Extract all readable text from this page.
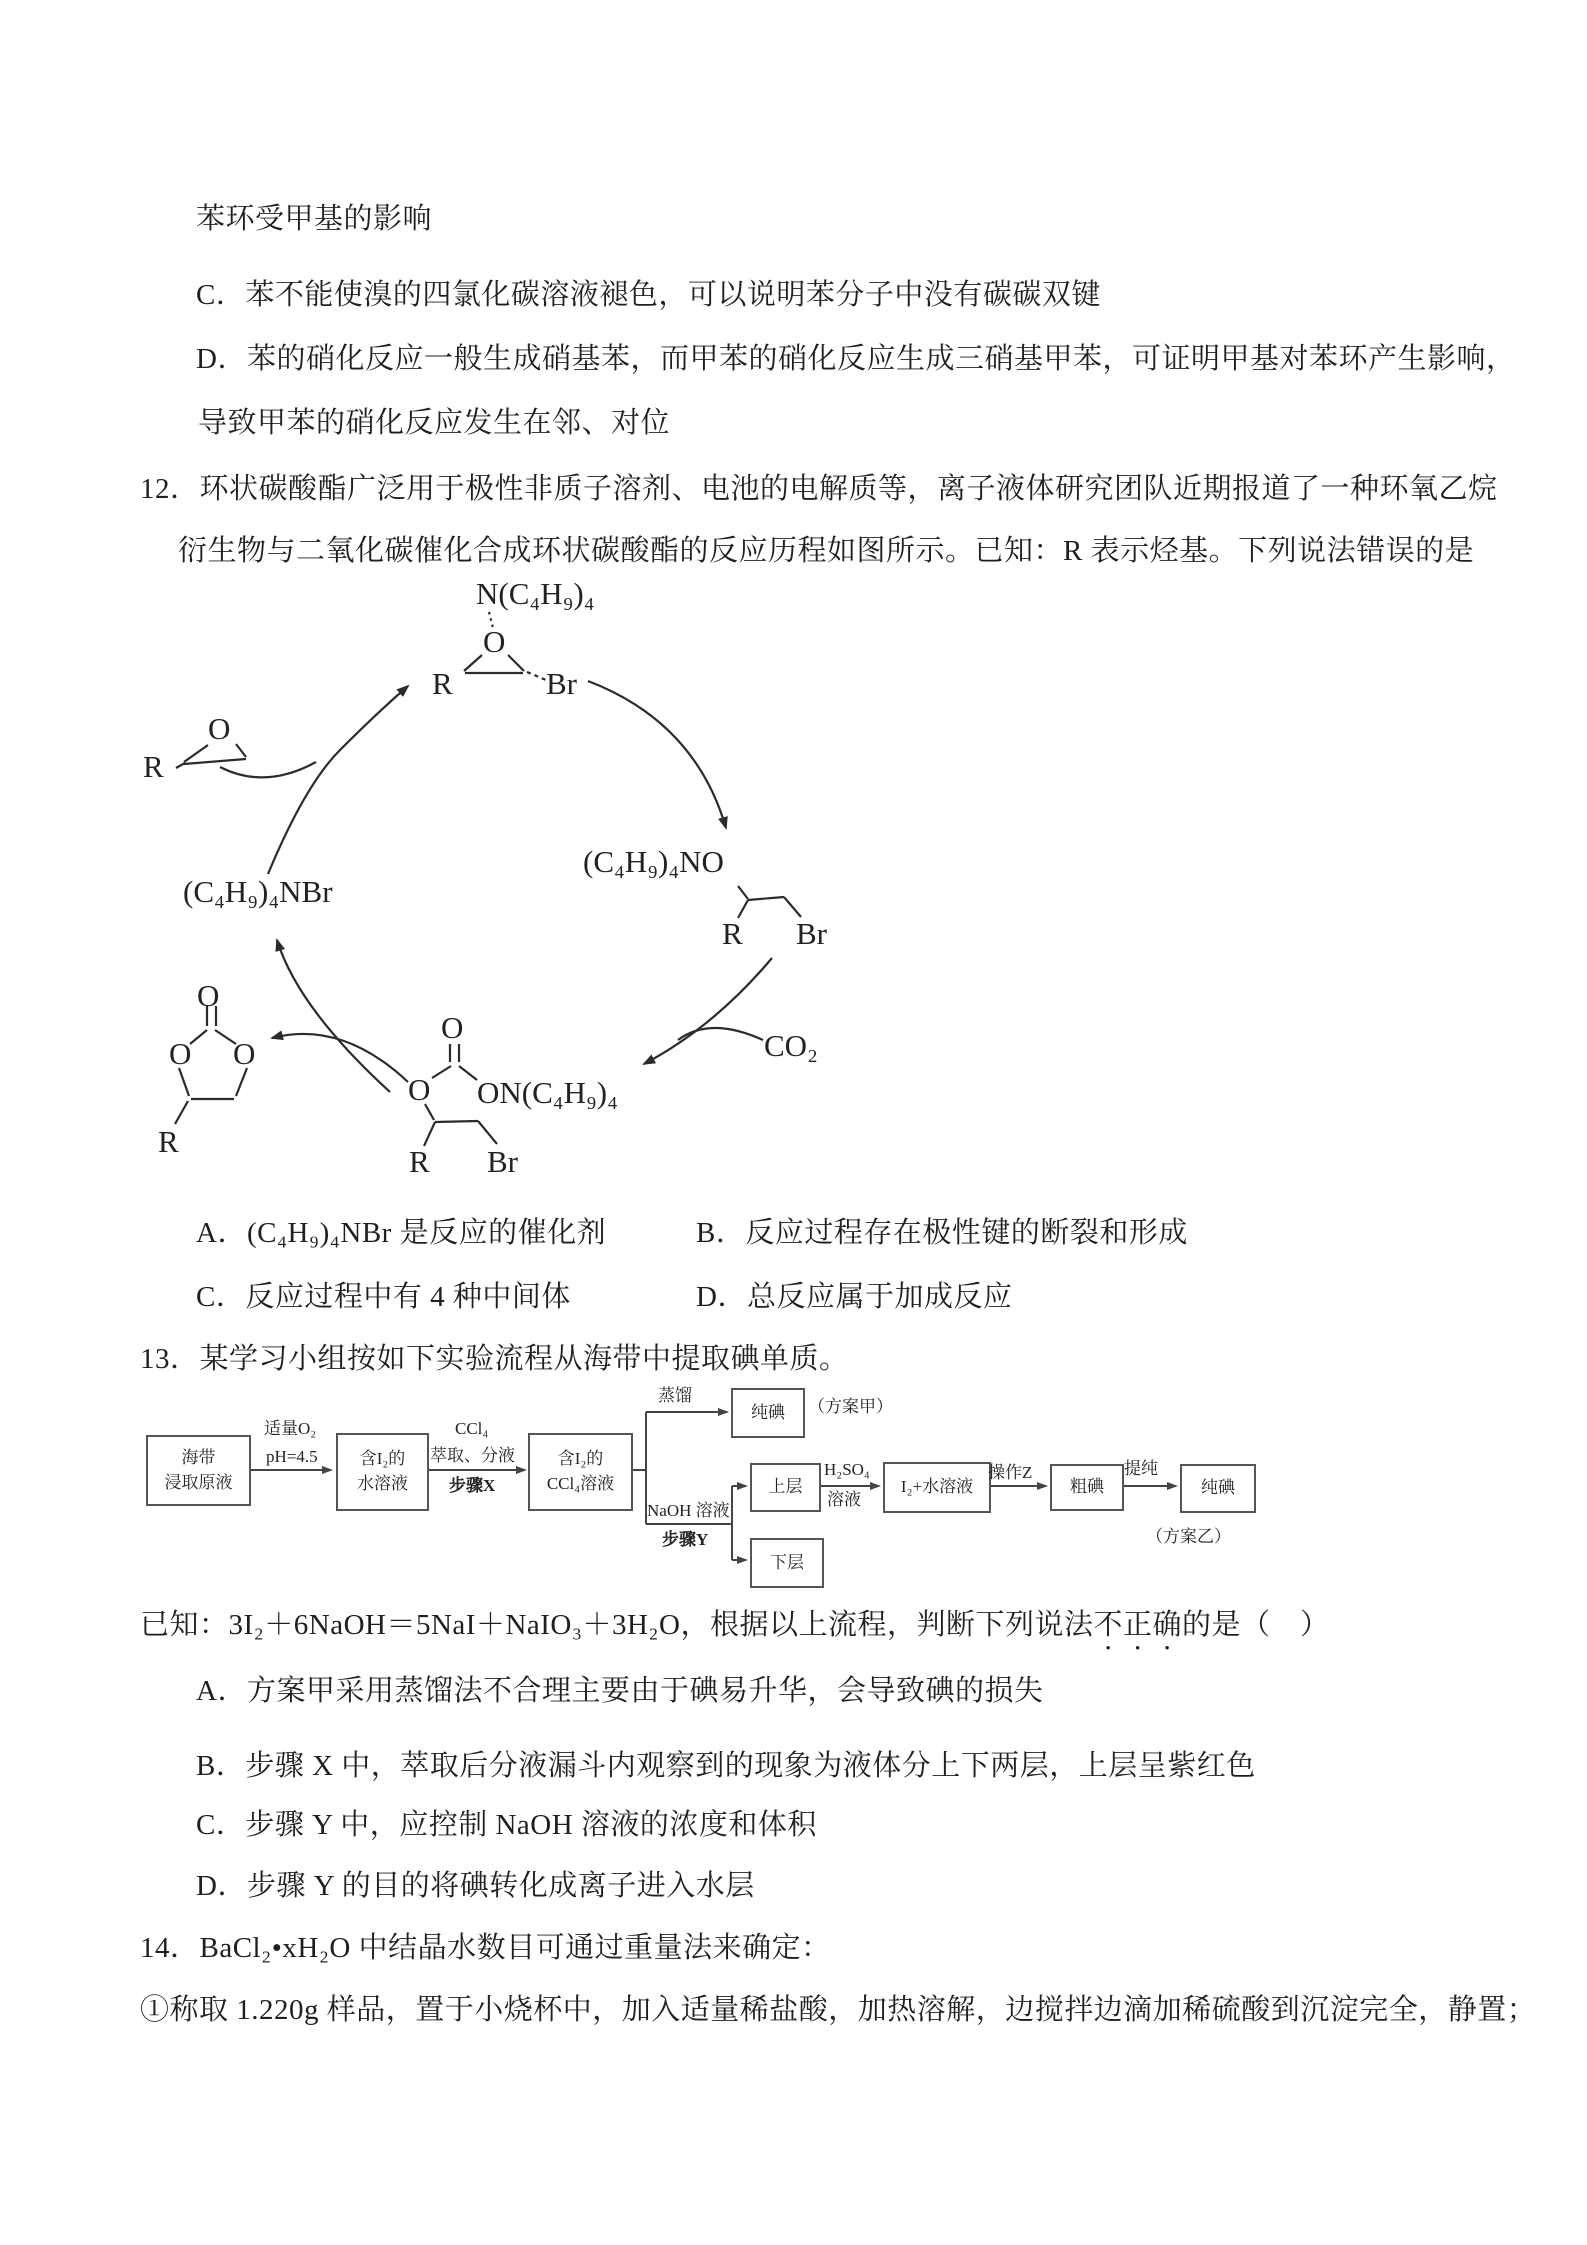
苯环受甲基的影响
C．苯不能使溴的四氯化碳溶液褪色，可以说明苯分子中没有碳碳双键
D．苯的硝化反应一般生成硝基苯，而甲苯的硝化反应生成三硝基甲苯，可证明甲基对苯环产生影响，
导致甲苯的硝化反应发生在邻、对位
12．环状碳酸酯广泛用于极性非质子溶剂、电池的电解质等，离子液体研究团队近期报道了一种环氧乙烷
衍生物与二氧化碳催化合成环状碳酸酯的反应历程如图所示。已知：R 表示烃基。下列说法错误的是
A．(C₄H₉)₄NBr 是反应的催化剂	B．反应过程存在极性键的断裂和形成
C．反应过程中有 4 种中间体	D．总反应属于加成反应
13．某学习小组按如下实验流程从海带中提取碘单质。
已知：3I₂＋6NaOH＝5NaI＋NaIO₃＋3H₂O，根据以上流程，判断下列说法不正确的是（　）
A．方案甲采用蒸馏法不合理主要由于碘易升华，会导致碘的损失
B．步骤 X 中，萃取后分液漏斗内观察到的现象为液体分上下两层，上层呈紫红色
C．步骤 Y 中，应控制 NaOH 溶液的浓度和体积
D．步骤 Y 的目的将碘转化成离子进入水层
14．BaCl₂•xH₂O 中结晶水数目可通过重量法来确定：
①称取 1.220g 样品，置于小烧杯中，加入适量稀盐酸，加热溶解，边搅拌边滴加稀硫酸到沉淀完全，静置；
N(C₄H₉)₄
O
R	Br
O
R
(C₄H₉)₄NBr
(C₄H₉)₄NO
R Br
CO₂
O
O ON(C₄H₉)₄
R Br
O
O O
R
海带
浸取原液
含I₂的
水溶液
含I₂的
CCl₄溶液
纯碘
上层
下层
I₂+水溶液	粗碘	纯碘
适量O₂
pH=4.5
CCl₄
萃取、分液
步骤X
蒸馏
（方案甲）
NaOH 溶液
步骤Y
H₂SO₄
溶液
操作Z	提纯
（方案乙）
